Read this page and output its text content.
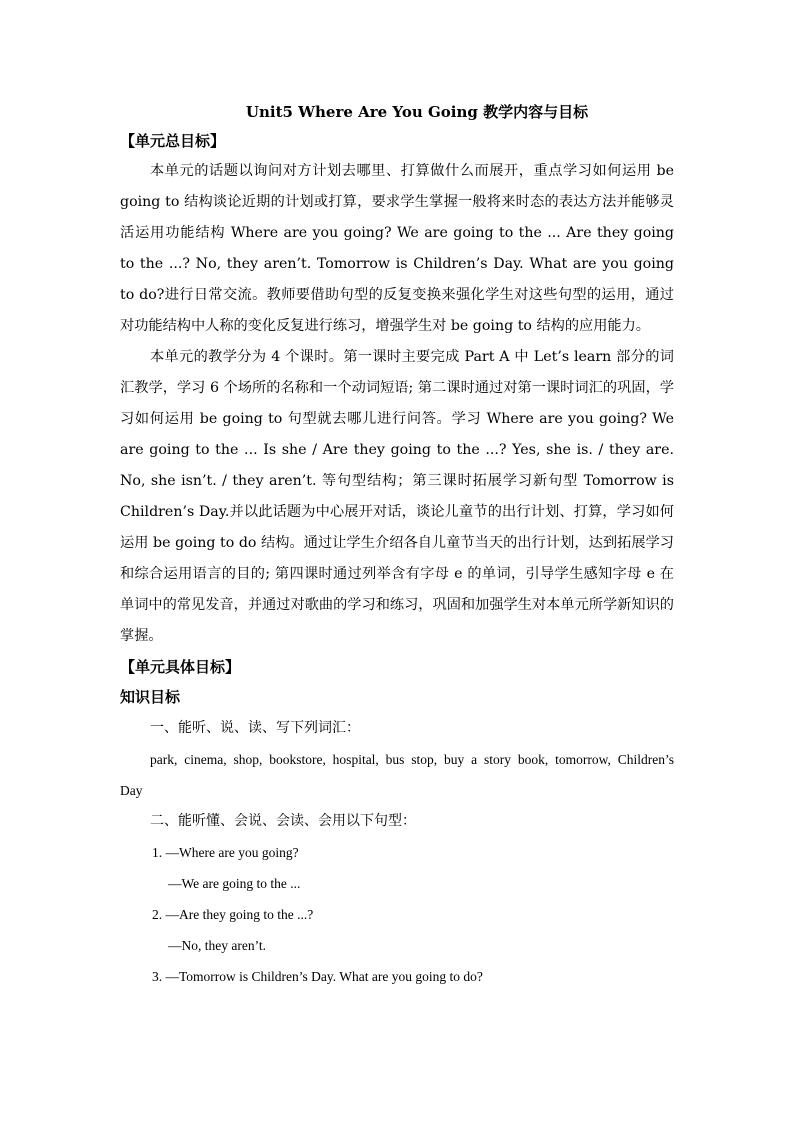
Unit5 Where Are You Going 教学内容与目标

【单元总目标】

本单元的话题以询问对方计划去哪里、打算做什么而展开，重点学习如何运用 be going to 结构谈论近期的计划或打算，要求学生掌握一般将来时态的表达方法并能够灵活运用功能结构 Where are you going? We are going to the ... Are they going to the ...? No, they aren’t. Tomorrow is Children’s Day. What are you going to do?进行日常交流。教师要借助句型的反复变换来强化学生对这些句型的运用，通过对功能结构中人称的变化反复进行练习，增强学生对 be going to 结构的应用能力。

本单元的教学分为 4 个课时。第一课时主要完成 Part A 中 Let’s learn 部分的词汇教学，学习 6 个场所的名称和一个动词短语; 第二课时通过对第一课时词汇的巩固，学习如何运用 be going to 句型就去哪儿进行问答。学习 Where are you going? We are going to the ... Is she / Are they going to the ...? Yes, she is. / they are. No, she isn’t. / they aren’t. 等句型结构；第三课时拓展学习新句型 Tomorrow is Children’s Day.并以此话题为中心展开对话，谈论儿童节的出行计划、打算，学习如何运用 be going to do 结构。通过让学生介绍各自儿童节当天的出行计划，达到拓展学习和综合运用语言的目的; 第四课时通过列举含有字母 e 的单词，引导学生感知字母 e 在单词中的常见发音，并通过对歌曲的学习和练习，巩固和加强学生对本单元所学新知识的掌握。

【单元具体目标】

知识目标

一、能听、说、读、写下列词汇：

park, cinema, shop, bookstore, hospital, bus stop, buy a story book, tomorrow, Children’s Day

二、能听懂、会说、会读、会用以下句型：

1. —Where are you going?

—We are going to the ...

2. —Are they going to the ...?

—No, they aren’t.

3. —Tomorrow is Children’s Day. What are you going to do?
